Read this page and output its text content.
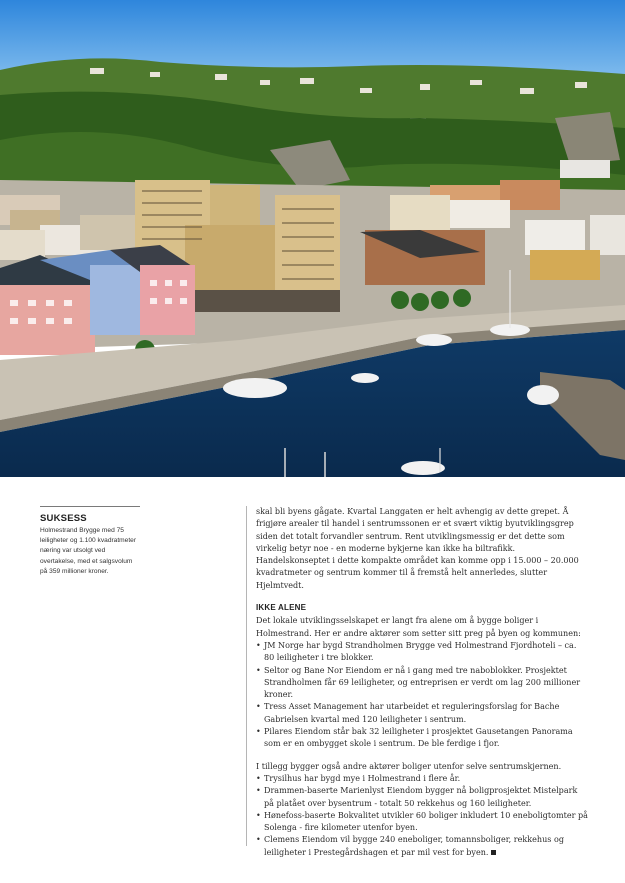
SUKSESS

Holmestrand Brygge med 75 leiligheter og 1.100 kvadratmeter næring var utsolgt ved overtakelse, med et salgsvolum på 359 millioner kroner.

skal bli byens gågate. Kvartal Langgaten er helt avhengig av dette grepet. Å frigjøre arealer til handel i sentrumssonen er et svært viktig byutviklingsgrep siden det totalt forvandler sentrum. Rent utviklingsmessig er det dette som virkelig betyr noe - en moderne bykjerne kan ikke ha biltrafikk. Handelskonseptet i dette kompakte området kan komme opp i 15.000 – 20.000 kvadratmeter og sentrum kommer til å fremstå helt annerledes, slutter Hjelmtvedt.

IKKE ALENE

Det lokale utviklingsselskapet er langt fra alene om å bygge boliger i Holmestrand. Her er andre aktører som setter sitt preg på byen og kommunen:

• JM Norge har bygd Strandholmen Brygge ved Holmestrand Fjordhoteli – ca. 80 leiligheter i tre blokker.
• Seltor og Bane Nor Eiendom er nå i gang med tre naboblokker. Prosjektet Strandholmen får 69 leiligheter, og entreprisen er verdt om lag 200 millioner kroner.
• Tress Asset Management har utarbeidet et reguleringsforslag for Bache Gabrielsen kvartal med 120 leiligheter i sentrum.
• Pilares Eiendom står bak 32 leiligheter i prosjektet Gausetangen Panorama som er en ombygget skole i sentrum. De ble ferdige i fjor.

I tillegg bygger også andre aktører boliger utenfor selve sentrumskjernen.

• Trysilhus har bygd mye i Holmestrand i flere år.
• Drammen-baserte Marienlyst Eiendom bygger nå boligprosjektet Mistelpark på platået over bysentrum - totalt 50 rekkehus og 160 leiligheter.
• Hønefoss-baserte Bokvalitet utvikler 60 boliger inkludert 10 eneboligtomter på Solenga - fire kilometer utenfor byen.
• Clemens Eiendom vil bygge 240 eneboliger, tomannsboliger, rekkehus og leiligheter i Prestegårdshagen et par mil vest for byen.
